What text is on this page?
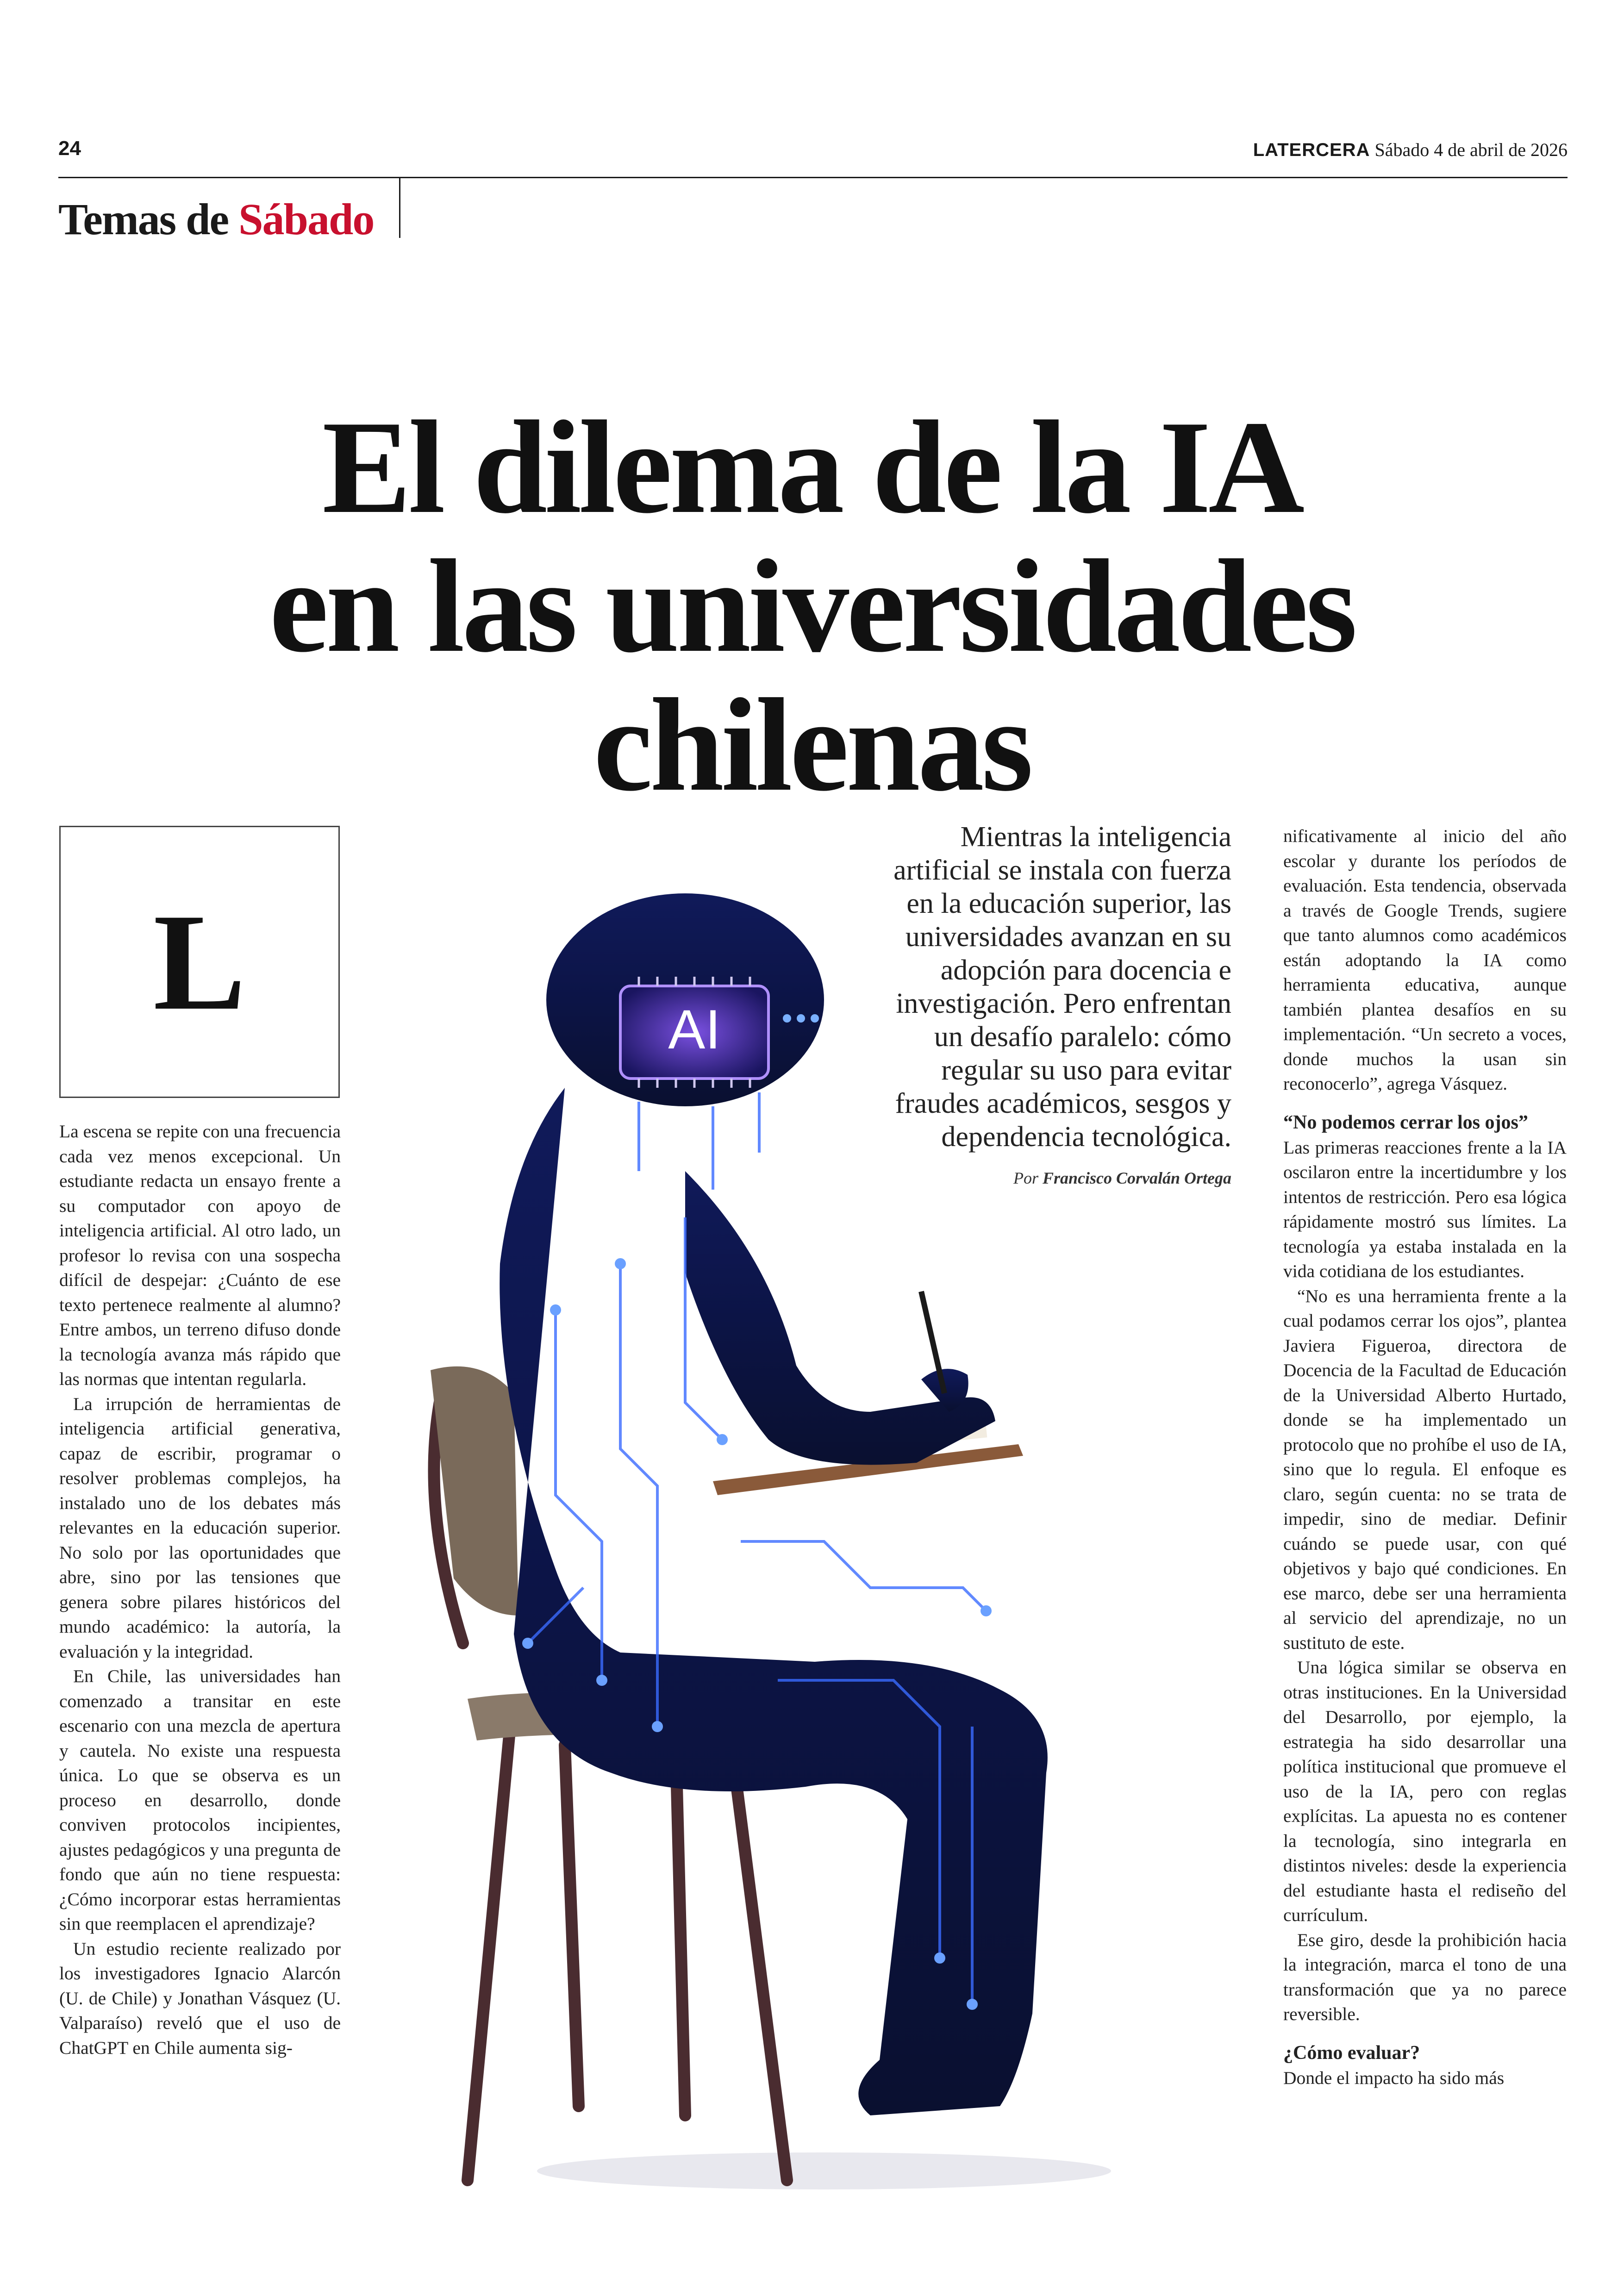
24	LATERCERA Sábado 4 de abril de 2026
Temas de Sábado
El dilema de la IA
en las universidades
chilenas
AI
L
Mientras la inteligencia artificial se instala con fuerza en la educación superior, las universidades avanzan en su adopción para docencia e investigación. Pero enfrentan un desafío paralelo: cómo regular su uso para evitar fraudes académicos, sesgos y dependencia tecnológica.
Por Francisco Corvalán Ortega

La escena se repite con una frecuencia cada vez menos excepcional. Un estudiante redacta un ensayo frente a su computador con apoyo de inteligencia artificial. Al otro lado, un profesor lo revisa con una sospecha difícil de despejar: ¿Cuánto de ese texto pertenece realmente al alumno? Entre ambos, un terreno difuso donde la tecnología avanza más rápido que las normas que intentan regularla.

La irrupción de herramientas de inteligencia artificial generativa, capaz de escribir, programar o resolver problemas complejos, ha instalado uno de los debates más relevantes en la educación superior. No solo por las oportunidades que abre, sino por las tensiones que genera sobre pilares históricos del mundo académico: la autoría, la evaluación y la integridad.

En Chile, las universidades han comenzado a transitar en este escenario con una mezcla de apertura y cautela. No existe una respuesta única. Lo que se observa es un proceso en desarrollo, donde conviven protocolos incipientes, ajustes pedagógicos y una pregunta de fondo que aún no tiene respuesta: ¿Cómo incorporar estas herramientas sin que reemplacen el aprendizaje?

Un estudio reciente realizado por los investigadores Ignacio Alarcón (U. de Chile) y Jonathan Vásquez (U. Valparaíso) reveló que el uso de ChatGPT en Chile aumenta sig-

nificativamente al inicio del año escolar y durante los períodos de evaluación. Esta tendencia, observada a través de Google Trends, sugiere que tanto alumnos como académicos están adoptando la IA como herramienta educativa, aunque también plantea desafíos en su implementación. “Un secreto a voces, donde muchos la usan sin reconocerlo”, agrega Vásquez.

“No podemos cerrar los ojos”

Las primeras reacciones frente a la IA oscilaron entre la incertidumbre y los intentos de restricción. Pero esa lógica rápidamente mostró sus límites. La tecnología ya estaba instalada en la vida cotidiana de los estudiantes.

“No es una herramienta frente a la cual podamos cerrar los ojos”, plantea Javiera Figueroa, directora de Docencia de la Facultad de Educación de la Universidad Alberto Hurtado, donde se ha implementado un protocolo que no prohíbe el uso de IA, sino que lo regula. El enfoque es claro, según cuenta: no se trata de impedir, sino de mediar. Definir cuándo se puede usar, con qué objetivos y bajo qué condiciones. En ese marco, debe ser una herramienta al servicio del aprendizaje, no un sustituto de este.

Una lógica similar se observa en otras instituciones. En la Universidad del Desarrollo, por ejemplo, la estrategia ha sido desarrollar una política institucional que promueve el uso de la IA, pero con reglas explícitas. La apuesta no es contener la tecnología, sino integrarla en distintos niveles: desde la experiencia del estudiante hasta el rediseño del currículum.

Ese giro, desde la prohibición hacia la integración, marca el tono de una transformación que ya no parece reversible.

¿Cómo evaluar?

Donde el impacto ha sido más
